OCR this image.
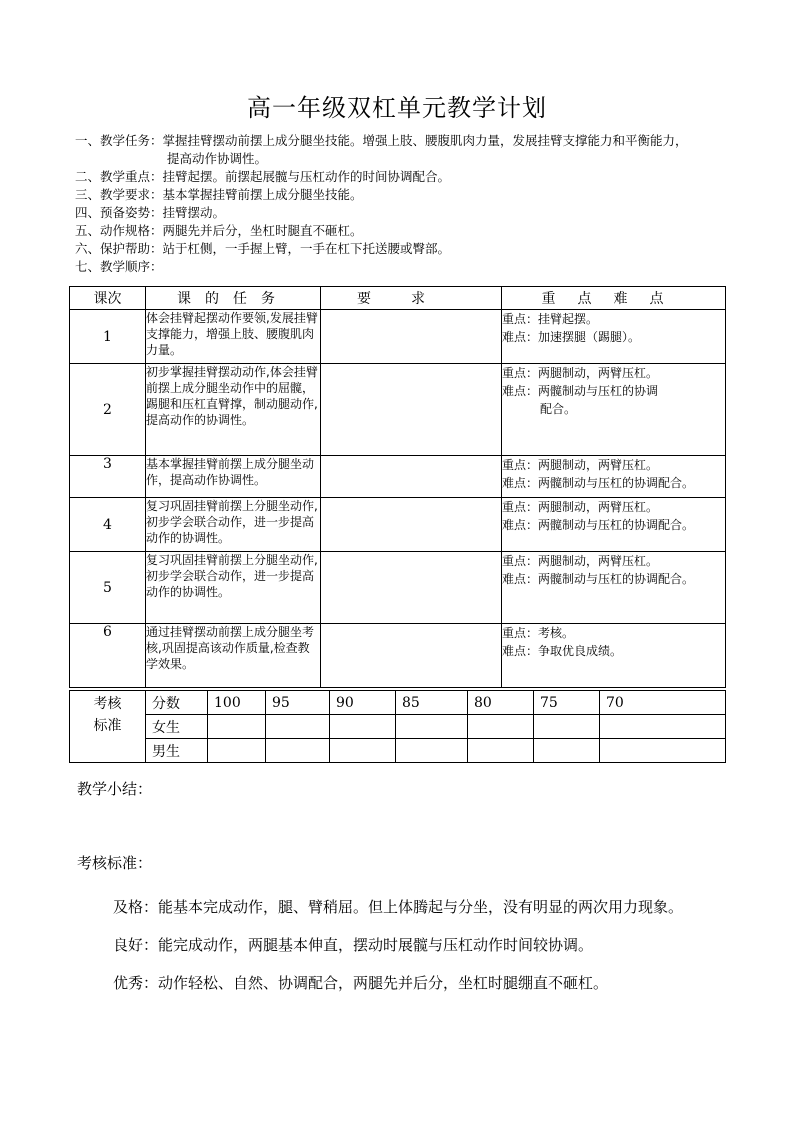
高一年级双杠单元教学计划
一、教学任务： 掌握挂臂摆动前摆上成分腿坐技能。增强上肢、腰腹肌肉力量，发展挂臂支撑能力和平衡能力，
提高动作协调性。
二、教学重点： 挂臂起摆。前摆起展髋与压杠动作的时间协调配合。
三、教学要求： 基本掌握挂臂前摆上成分腿坐技能。
四、预备姿势： 挂臂摆动。
五、动作规格： 两腿先并后分，坐杠时腿直不砸杠。
六、保护帮助： 站于杠侧，一手握上臂，一手在杠下托送腰或臀部。
七、教学顺序：
课次	课的任务	要求	重点难点
1	体会挂臂起摆动作要领,发展挂臂支撑能力，增强上肢、腰腹肌肉力量。		重点：挂臂起摆。
难点：加速摆腿（踢腿）。

2	初步掌握挂臂摆动动作,体会挂臂前摆上成分腿坐动作中的屈髋，踢腿和压杠直臂撑，制动腿动作,提高动作的协调性。		重点：两腿制动，两臂压杠。
难点：两髋制动与压杠的协调
配合。

3	基本掌握挂臂前摆上成分腿坐动作，提高动作协调性。		重点：两腿制动，两臂压杠。
难点：两髋制动与压杠的协调配合。

4	复习巩固挂臂前摆上分腿坐动作,初步学会联合动作，进一步提高动作的协调性。		重点：两腿制动，两臂压杠。
难点：两髋制动与压杠的协调配合。

5	复习巩固挂臂前摆上分腿坐动作,初步学会联合动作，进一步提高动作的协调性。		重点：两腿制动，两臂压杠。
难点：两髋制动与压杠的协调配合。

6	通过挂臂摆动前摆上成分腿坐考核,巩固提高该动作质量,检查教学效果。		重点：考核。
难点：争取优良成绩。
考核标准	分数	100	95	90	85	80	75	70
	女生							
	男生							
教学小结：
考核标准：
及格： 能基本完成动作，腿、臂稍屈。但上体腾起与分坐，没有明显的两次用力现象。
良好： 能完成动作，两腿基本伸直，摆动时展髋与压杠动作时间较协调。
优秀： 动作轻松、自然、协调配合，两腿先并后分，坐杠时腿绷直不砸杠。
